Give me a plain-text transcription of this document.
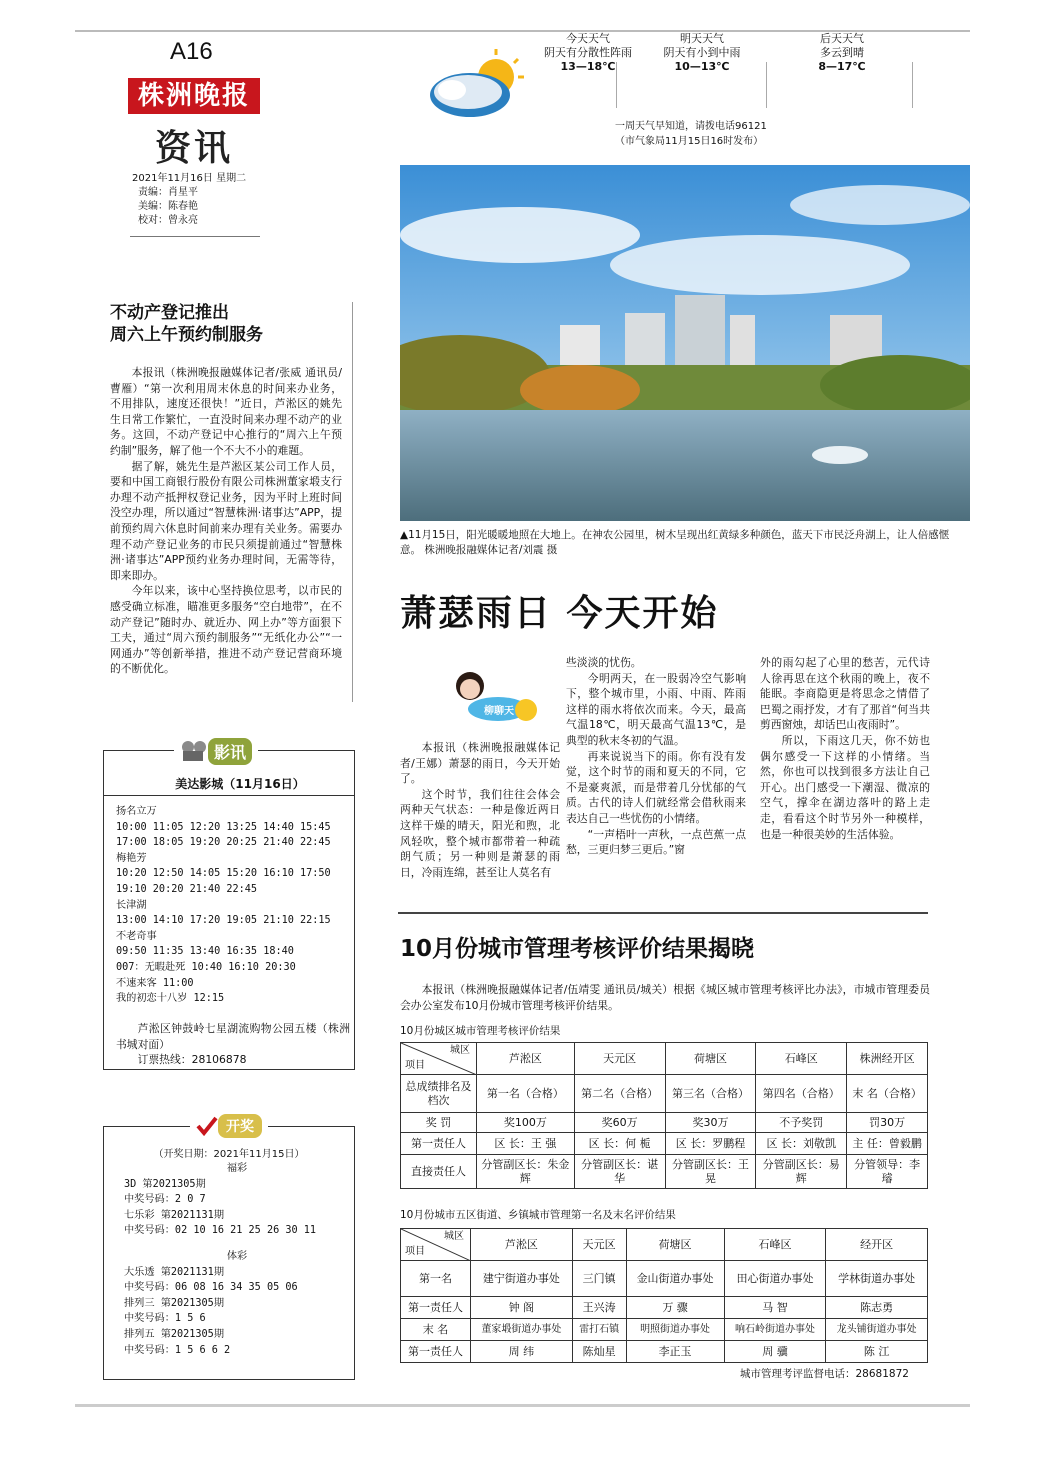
A16
株洲晚报
资讯
2021年11月16日 星期二
责编：肖星平
美编：陈春艳
校对：曾永亮
今天天气
阴天有分散性阵雨
13—18℃
明天天气
阴天有小到中雨
10—13℃
后天天气
多云到晴
8—17℃
一周天气早知道，请拨电话96121
（市气象局11月15日16时发布）
▲11月15日，阳光暖暖地照在大地上。在神农公园里，树木呈现出红黄绿多种颜色，蓝天下市民泛舟湖上，让人倍感惬意。 株洲晚报融媒体记者/刘震 摄
萧瑟雨日 今天开始
柳聊天

本报讯（株洲晚报融媒体记者/王娜）萧瑟的雨日，今天开始了。

这个时节，我们往往会体会两种天气状态：一种是像近两日这样干燥的晴天，阳光和煦，北风轻吹，整个城市都带着一种疏朗气质；另一种则是萧瑟的雨日，冷雨连绵，甚至让人莫名有

些淡淡的忧伤。

今明两天，在一股弱冷空气影响下，整个城市里，小雨、中雨、阵雨这样的雨水将依次而来。今天，最高气温18℃，明天最高气温13℃，是典型的秋末冬初的气温。

再来说说当下的雨。你有没有发觉，这个时节的雨和夏天的不同，它不是豪爽派，而是带着几分忧郁的气质。古代的诗人们就经常会借秋雨来表达自己一些忧伤的小情绪。

“一声梧叶一声秋，一点芭蕉一点愁，三更归梦三更后。”窗

外的雨勾起了心里的愁苦，元代诗人徐再思在这个秋雨的晚上，夜不能眠。李商隐更是将思念之情借了巴蜀之雨抒发，才有了那首“何当共剪西窗烛，却话巴山夜雨时”。

所以，下雨这几天，你不妨也偶尔感受一下这样的小情绪。当然，你也可以找到很多方法让自己开心。出门感受一下潮湿、微凉的空气，撑伞在湖边落叶的路上走走，看看这个时节另外一种模样，也是一种很美妙的生活体验。

不动产登记推出
周六上午预约制服务

本报讯（株洲晚报融媒体记者/张威 通讯员/曹雁）“第一次利用周末休息的时间来办业务，不用排队，速度还很快！”近日，芦淞区的姚先生日常工作繁忙，一直没时间来办理不动产的业务。这回，不动产登记中心推行的“周六上午预约制”服务，解了他一个不大不小的难题。

据了解，姚先生是芦淞区某公司工作人员，要和中国工商银行股份有限公司株洲董家塅支行办理不动产抵押权登记业务，因为平时上班时间没空办理，所以通过“智慧株洲·诸事达”APP，提前预约周六休息时间前来办理有关业务。需要办理不动产登记业务的市民只须提前通过“智慧株洲·诸事达”APP预约业务办理时间，无需等待，即来即办。

今年以来，该中心坚持换位思考，以市民的感受确立标准，瞄准更多服务“空白地带”，在不动产登记”随时办、就近办、网上办”等方面狠下工夫，通过“周六预约制服务”“无纸化办公”“一网通办”等创新举措，推进不动产登记营商环境的不断优化。

影讯
美达影城（11月16日）
扬名立万
10:00 11:05 12:20 13:25 14:40 15:45
17:00 18:05 19:20 20:25 21:40 22:45
梅艳芳
10:20 12:50 14:05 15:20 16:10 17:50
19:10 20:20 21:40 22:45
长津湖
13:00 14:10 17:20 19:05 21:10 22:15
不老奇事
09:50 11:35 13:40 16:35 18:40
007：无暇赴死 10:40 16:10 20:30
不速来客 11:00
我的初恋十八岁 12:15

芦淞区钟鼓岭七星湖流购物公园五楼（株洲书城对面）

订票热线：28106878

开奖
（开奖日期：2021年11月15日）
福彩
3D 第2021305期
中奖号码：2 0 7
七乐彩 第2021131期
中奖号码：02 10 16 21 25 26 30 11
体彩
大乐透 第2021131期
中奖号码：06 08 16 34 35 05 06
排列三 第2021305期
中奖号码：1 5 6
排列五 第2021305期
中奖号码：1 5 6 6 2
10月份城市管理考核评价结果揭晓

本报讯（株洲晚报融媒体记者/伍靖雯 通讯员/城关）根据《城区城市管理考核评比办法》，市城市管理委员会办公室发布10月份城市管理考核评价结果。

10月份城区城市管理考核评价结果
城区
项目	芦淞区	天元区	荷塘区	石峰区	株洲经开区
总成绩排名及档次	第一名（合格）	第二名（合格）	第三名（合格）	第四名（合格）	末 名（合格）
奖 罚	奖100万	奖60万	奖30万	不予奖罚	罚30万
第一责任人	区 长：王 强	区 长：何 栀	区 长：罗鹏程	区 长：刘敬凯	主 任：曾毅鹏
直接责任人	分管副区长：朱金辉	分管副区长：谌 华	分管副区长：王 晃	分管副区长：易 辉	分管领导：李 璿
10月份城市五区街道、乡镇城市管理第一名及末名评价结果
城区
项目	芦淞区	天元区	荷塘区	石峰区	经开区
第一名	建宁街道办事处	三门镇	金山街道办事处	田心街道办事处	学林街道办事处
第一责任人	钟 阁	王兴涛	万 骤	马 智	陈志勇
末 名	董家塅街道办事处	雷打石镇	明照街道办事处	响石岭街道办事处	龙头铺街道办事处
第一责任人	周 纬	陈灿星	李正玉	周 骥	陈 江
城市管理考评监督电话：28681872
